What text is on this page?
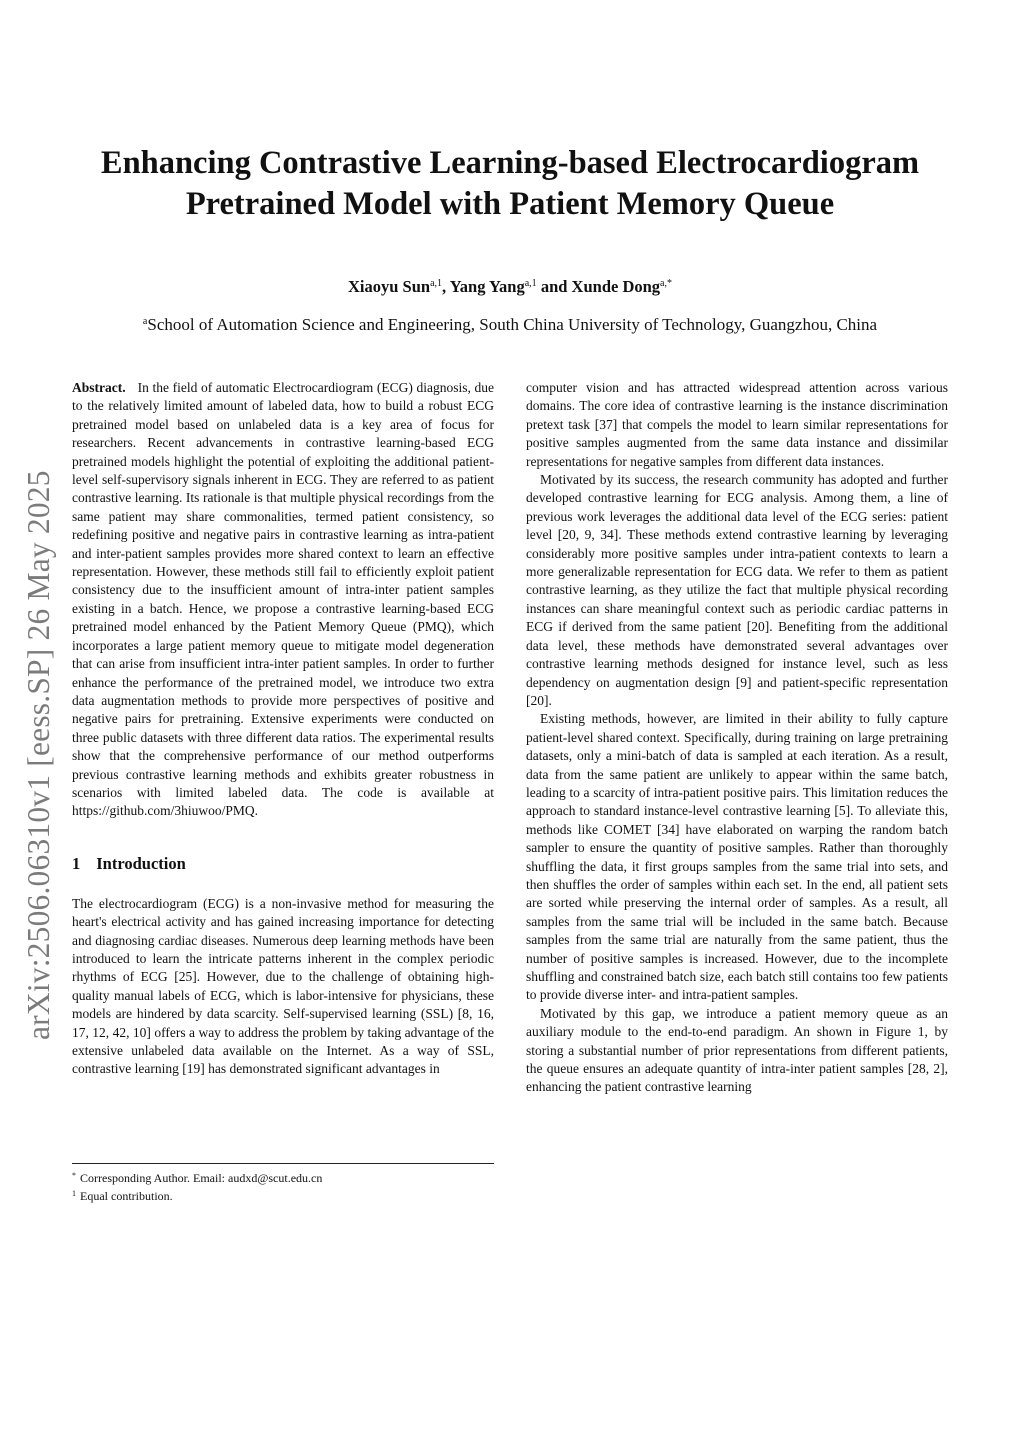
arXiv:2506.06310v1 [eess.SP] 26 May 2025
Enhancing Contrastive Learning-based Electrocardiogram Pretrained Model with Patient Memory Queue
Xiaoyu Sun$^{a,1}$, Yang Yang$^{a,1}$ and Xunde Dong$^{a,*}$
$^a$School of Automation Science and Engineering, South China University of Technology, Guangzhou, China

Abstract. In the field of automatic Electrocardiogram (ECG) diagnosis, due to the relatively limited amount of labeled data, how to build a robust ECG pretrained model based on unlabeled data is a key area of focus for researchers. Recent advancements in contrastive learning-based ECG pretrained models highlight the potential of exploiting the additional patient-level self-supervisory signals inherent in ECG. They are referred to as patient contrastive learning. Its rationale is that multiple physical recordings from the same patient may share commonalities, termed patient consistency, so redefining positive and negative pairs in contrastive learning as intra-patient and inter-patient samples provides more shared context to learn an effective representation. However, these methods still fail to efficiently exploit patient consistency due to the insufficient amount of intra-inter patient samples existing in a batch. Hence, we propose a contrastive learning-based ECG pretrained model enhanced by the Patient Memory Queue (PMQ), which incorporates a large patient memory queue to mitigate model degeneration that can arise from insufficient intra-inter patient samples. In order to further enhance the performance of the pretrained model, we introduce two extra data augmentation methods to provide more perspectives of positive and negative pairs for pretraining. Extensive experiments were conducted on three public datasets with three different data ratios. The experimental results show that the comprehensive performance of our method outperforms previous contrastive learning methods and exhibits greater robustness in scenarios with limited labeled data. The code is available at https://github.com/3hiuwoo/PMQ.

1 Introduction

The electrocardiogram (ECG) is a non-invasive method for measuring the heart's electrical activity and has gained increasing importance for detecting and diagnosing cardiac diseases. Numerous deep learning methods have been introduced to learn the intricate patterns inherent in the complex periodic rhythms of ECG [25]. However, due to the challenge of obtaining high-quality manual labels of ECG, which is labor-intensive for physicians, these models are hindered by data scarcity. Self-supervised learning (SSL) [8, 16, 17, 12, 42, 10] offers a way to address the problem by taking advantage of the extensive unlabeled data available on the Internet. As a way of SSL, contrastive learning [19] has demonstrated significant advantages in

computer vision and has attracted widespread attention across various domains. The core idea of contrastive learning is the instance discrimination pretext task [37] that compels the model to learn similar representations for positive samples augmented from the same data instance and dissimilar representations for negative samples from different data instances.

Motivated by its success, the research community has adopted and further developed contrastive learning for ECG analysis. Among them, a line of previous work leverages the additional data level of the ECG series: patient level [20, 9, 34]. These methods extend contrastive learning by leveraging considerably more positive samples under intra-patient contexts to learn a more generalizable representation for ECG data. We refer to them as patient contrastive learning, as they utilize the fact that multiple physical recording instances can share meaningful context such as periodic cardiac patterns in ECG if derived from the same patient [20]. Benefiting from the additional data level, these methods have demonstrated several advantages over contrastive learning methods designed for instance level, such as less dependency on augmentation design [9] and patient-specific representation [20].

Existing methods, however, are limited in their ability to fully capture patient-level shared context. Specifically, during training on large pretraining datasets, only a mini-batch of data is sampled at each iteration. As a result, data from the same patient are unlikely to appear within the same batch, leading to a scarcity of intra-patient positive pairs. This limitation reduces the approach to standard instance-level contrastive learning [5]. To alleviate this, methods like COMET [34] have elaborated on warping the random batch sampler to ensure the quantity of positive samples. Rather than thoroughly shuffling the data, it first groups samples from the same trial into sets, and then shuffles the order of samples within each set. In the end, all patient sets are sorted while preserving the internal order of samples. As a result, all samples from the same trial will be included in the same batch. Because samples from the same trial are naturally from the same patient, thus the number of positive samples is increased. However, due to the incomplete shuffling and constrained batch size, each batch still contains too few patients to provide diverse inter- and intra-patient samples.

Motivated by this gap, we introduce a patient memory queue as an auxiliary module to the end-to-end paradigm. An shown in Figure 1, by storing a substantial number of prior representations from different patients, the queue ensures an adequate quantity of intra-inter patient samples [28, 2], enhancing the patient contrastive learning

* Corresponding Author. Email: audxd@scut.edu.cn
$^1$ Equal contribution.
